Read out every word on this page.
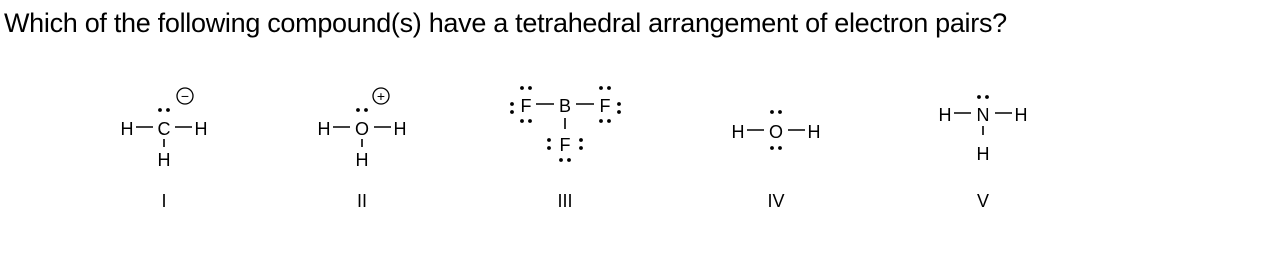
Which of the following compound(s) have a tetrahedral arrangement of electron pairs?
H C H
H
−
I
H O H
H
+
II
F B F
F
III
H O H
IV
H N H
H
V
